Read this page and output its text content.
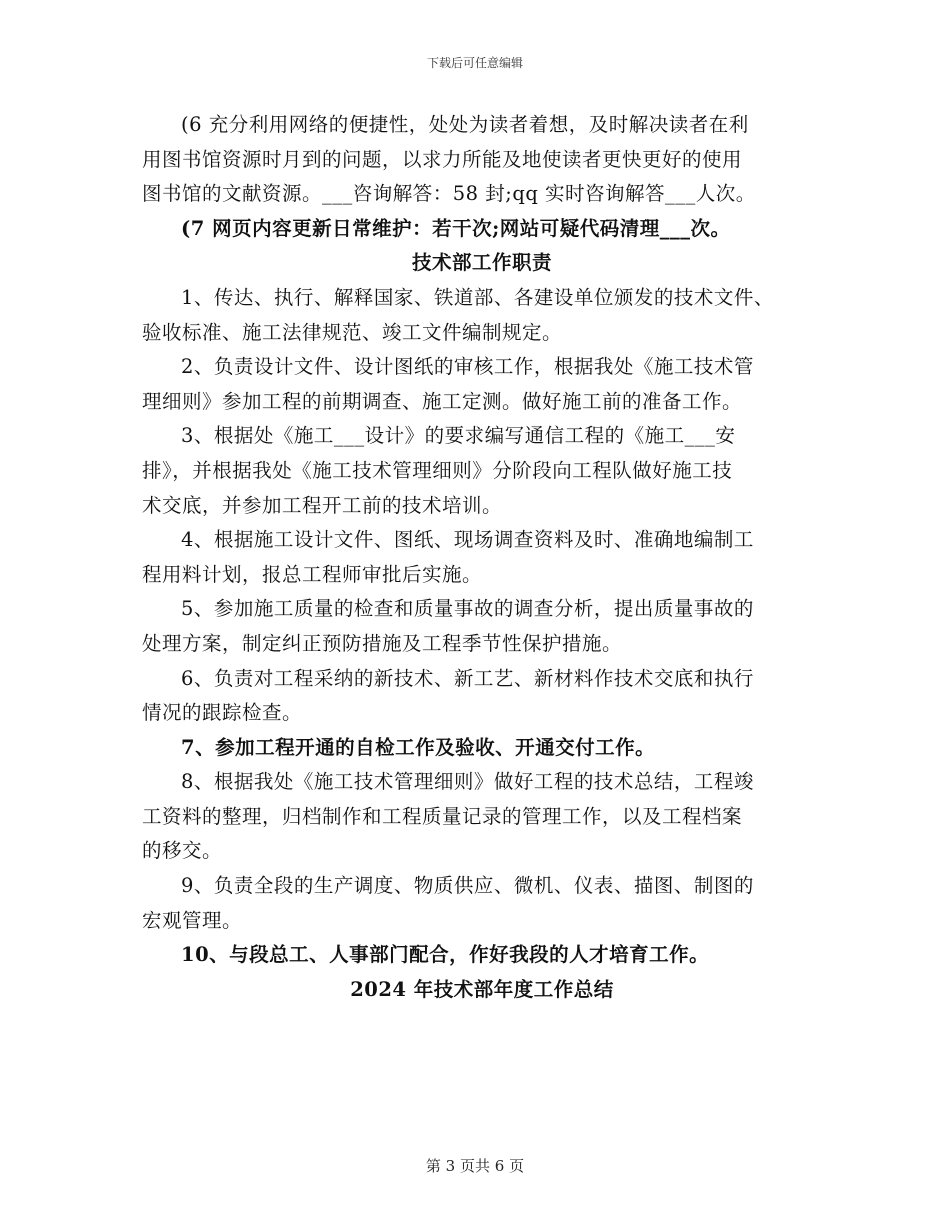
下载后可任意编辑
(6 充分利用网络的便捷性，处处为读者着想，及时解决读者在利
用图书馆资源时月到的问题，以求力所能及地使读者更快更好的使用
图书馆的文献资源。___咨询解答：58 封;qq 实时咨询解答___人次。
(7 网页内容更新日常维护：若干次;网站可疑代码清理___次。
技术部工作职责
1、传达、执行、解释国家、铁道部、各建设单位颁发的技术文件、
验收标准、施工法律规范、竣工文件编制规定。
2、负责设计文件、设计图纸的审核工作，根据我处《施工技术管
理细则》参加工程的前期调查、施工定测。做好施工前的准备工作。
3、根据处《施工___设计》的要求编写通信工程的《施工___安
排》，并根据我处《施工技术管理细则》分阶段向工程队做好施工技
术交底，并参加工程开工前的技术培训。
4、根据施工设计文件、图纸、现场调查资料及时、准确地编制工
程用料计划，报总工程师审批后实施。
5、参加施工质量的检查和质量事故的调查分析，提出质量事故的
处理方案，制定纠正预防措施及工程季节性保护措施。
6、负责对工程采纳的新技术、新工艺、新材料作技术交底和执行
情况的跟踪检查。
7、参加工程开通的自检工作及验收、开通交付工作。
8、根据我处《施工技术管理细则》做好工程的技术总结，工程竣
工资料的整理，归档制作和工程质量记录的管理工作，以及工程档案
的移交。
9、负责全段的生产调度、物质供应、微机、仪表、描图、制图的
宏观管理。
10、与段总工、人事部门配合，作好我段的人才培育工作。
2024 年技术部年度工作总结
第 3 页共 6 页
